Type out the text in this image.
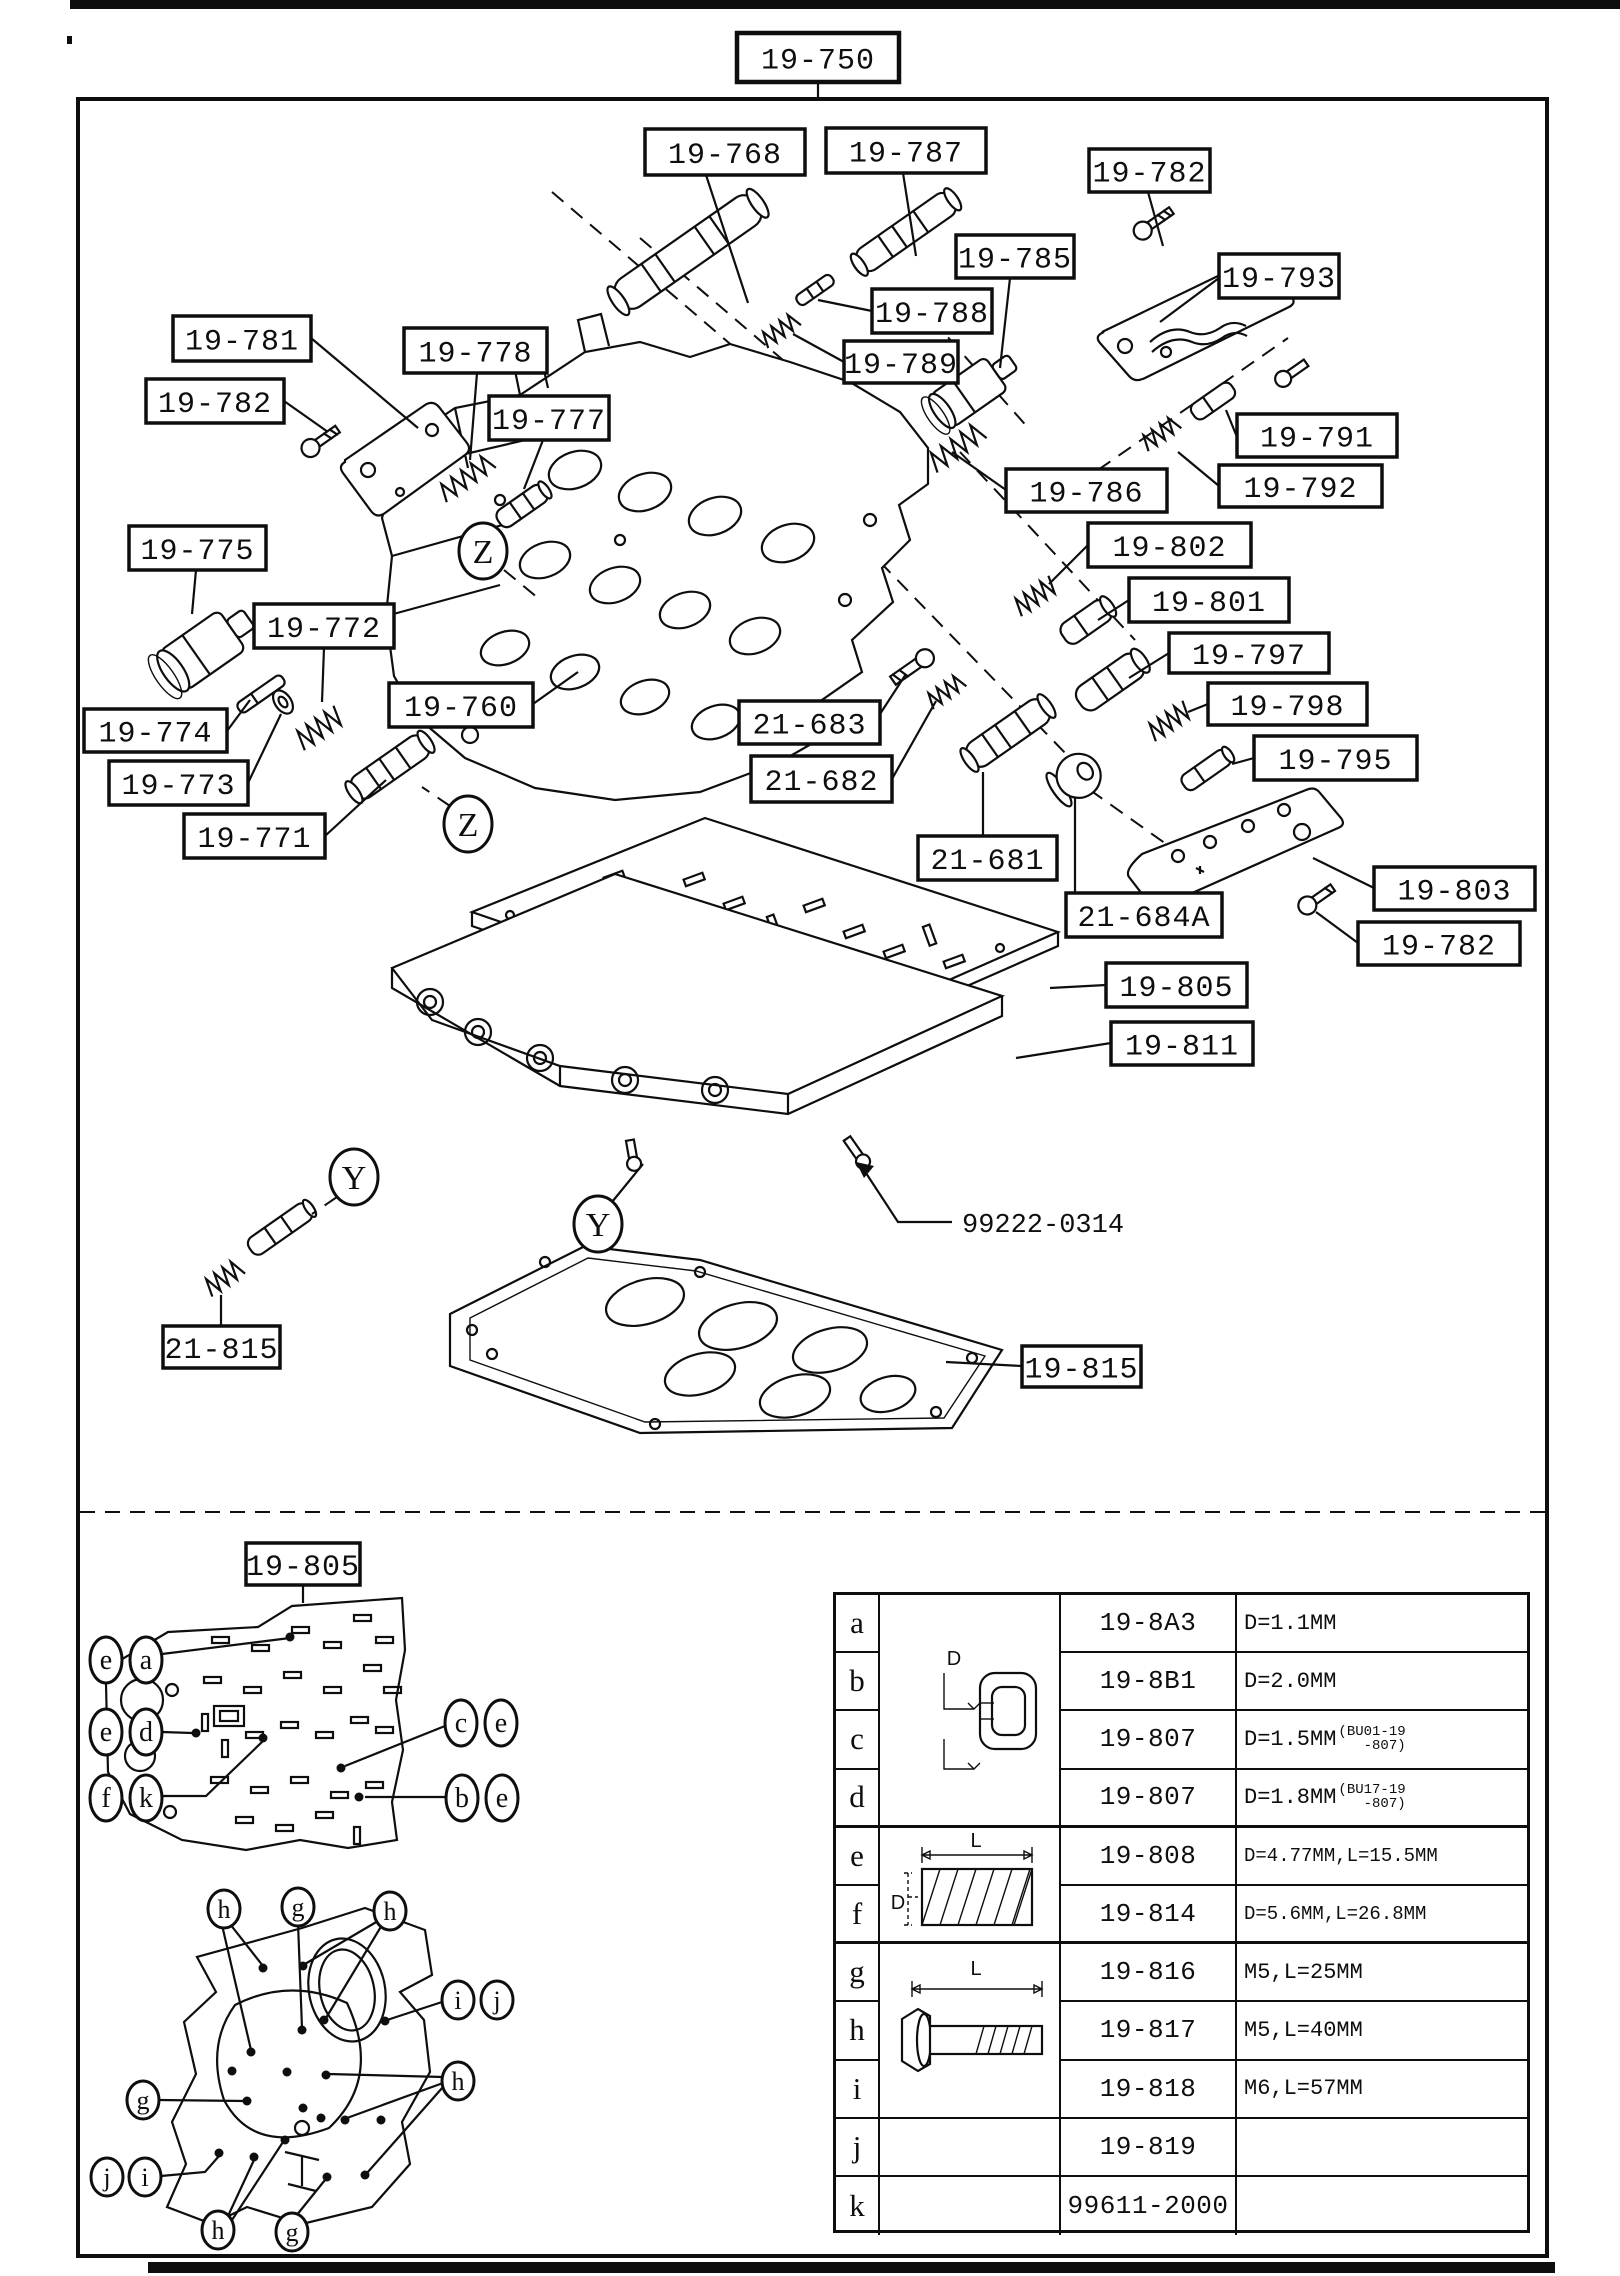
99222-0314
19-750
19-768 19-787
19-782
19-793
19-785
19-788
19-789
19-781
19-782
19-778
19-777
19-775
19-786
19-791
19-792
19-802
19-801
19-797
19-798
19-795
19-760
19-772
19-774
19-773
19-771
21-683
21-682
21-681
21-684A
19-803
19-782
19-805
19-811
21-815
19-815
19-805
Z
Z
Y
Y
e a
e d
f k
c e
b e
h g	h
i j
h
g
j i
h g
D
L
D
L
a	19-8A3	D=1.1MM
b	19-8B1	D=2.0MM
c	19-807	D=1.5MM (BU01-19
-807)
d	19-807	D=1.8MM (BU17-19
-807)
e	19-808	D=4.77MM,L=15.5MM
f	19-814	D=5.6MM,L=26.8MM
g	19-816	M5,L=25MM
h	19-817	M5,L=40MM
i	19-818	M6,L=57MM
j	19-819
k	99611-2000
